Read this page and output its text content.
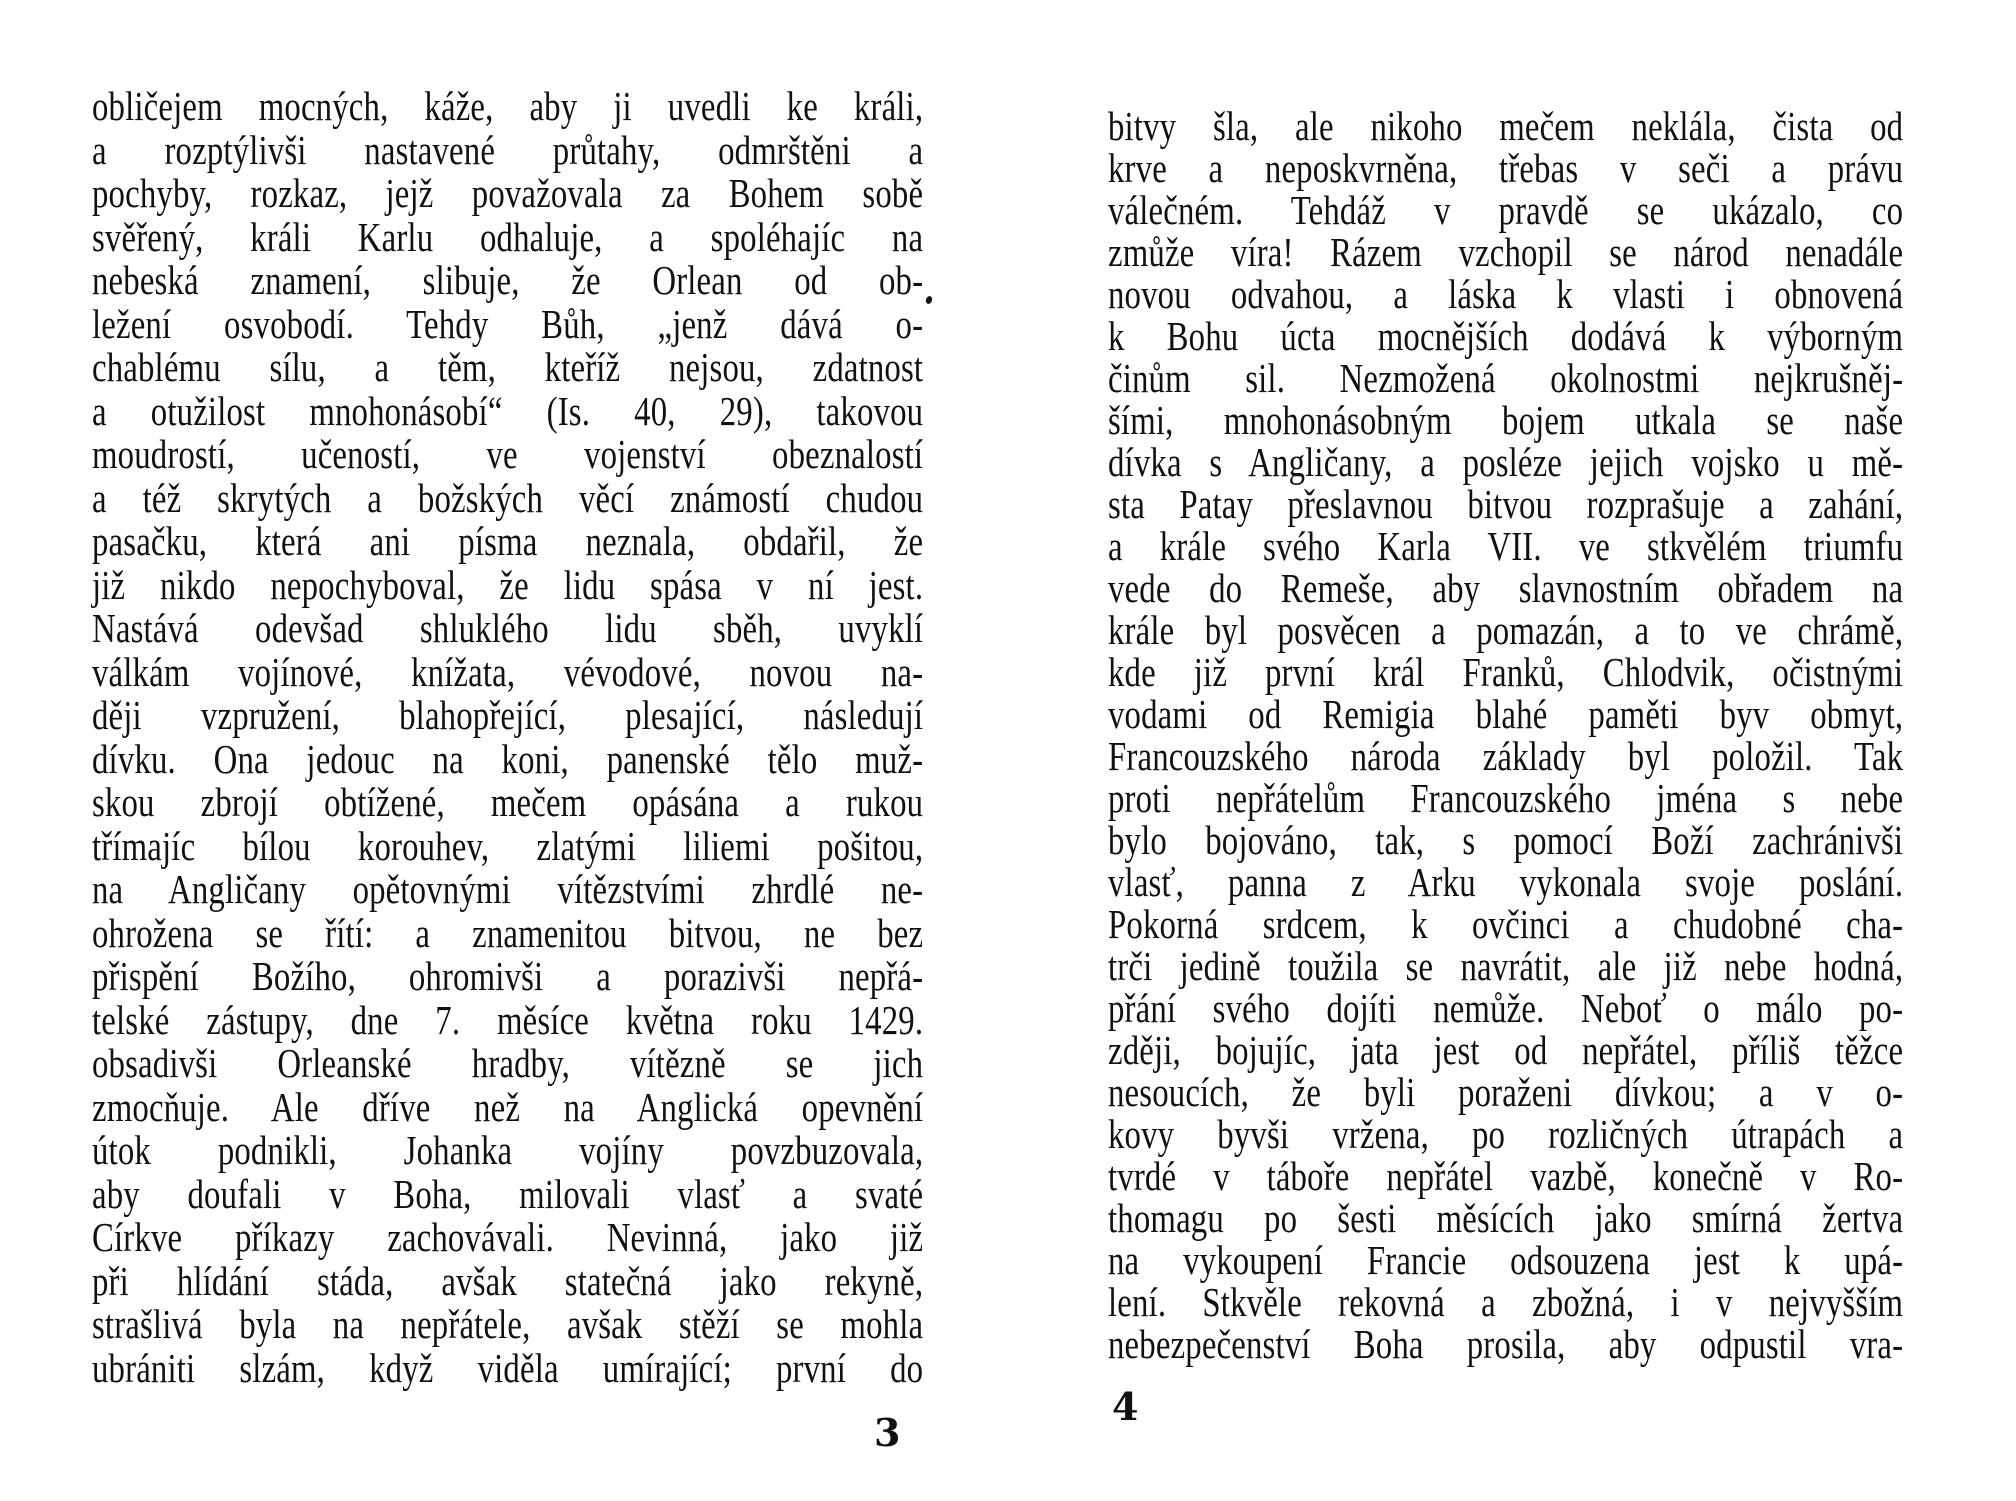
obličejem mocných, káže, aby ji uvedli ke králi,
a rozptýlivši nastavené průtahy, odmrštěni a
pochyby, rozkaz, jejž považovala za Bohem sobě
svěřený, králi Karlu odhaluje, a spoléhajíc na
nebeská znamení, slibuje, že Orlean od ob-
ležení osvobodí. Tehdy Bůh, „jenž dává o-
chablému sílu, a těm, kteříž nejsou, zdatnost
a otužilost mnohonásobí“ (Is. 40, 29), takovou
moudrostí, učeností, ve vojenství obeznalostí
a též skrytých a božských věcí známostí chudou
pasačku, která ani písma neznala, obdařil, že
již nikdo nepochyboval, že lidu spása v ní jest.
Nastává odevšad shluklého lidu sběh, uvyklí
válkám vojínové, knížata, vévodové, novou na-
ději vzpružení, blahopřející, plesající, následují
dívku. Ona jedouc na koni, panenské tělo muž-
skou zbrojí obtížené, mečem opásána a rukou
třímajíc bílou korouhev, zlatými liliemi pošitou,
na Angličany opětovnými vítězstvími zhrdlé ne-
ohrožena se řítí: a znamenitou bitvou, ne bez
přispění Božího, ohromivši a porazivši nepřá-
telské zástupy, dne 7. měsíce května roku 1429.
obsadivši Orleanské hradby, vítězně se jich
zmocňuje. Ale dříve než na Anglická opevnění
útok podnikli, Johanka vojíny povzbuzovala,
aby doufali v Boha, milovali vlasť a svaté
Církve příkazy zachovávali. Nevinná, jako již
při hlídání stáda, avšak statečná jako rekyně,
strašlivá byla na nepřátele, avšak stěží se mohla
ubrániti slzám, když viděla umírající; první do
3
bitvy šla, ale nikoho mečem neklála, čista od
krve a neposkvrněna, třebas v seči a právu
válečném. Tehdáž v pravdě se ukázalo, co
zmůže víra! Rázem vzchopil se národ nenadále
novou odvahou, a láska k vlasti i obnovená
k Bohu úcta mocnějších dodává k výborným
činům sil. Nezmožená okolnostmi nejkrušněj-
šími, mnohonásobným bojem utkala se naše
dívka s Angličany, a posléze jejich vojsko u mě-
sta Patay přeslavnou bitvou rozprašuje a zahání,
a krále svého Karla VII. ve stkvělém triumfu
vede do Remeše, aby slavnostním obřadem na
krále byl posvěcen a pomazán, a to ve chrámě,
kde již první král Franků, Chlodvik, očistnými
vodami od Remigia blahé paměti byv obmyt,
Francouzského národa základy byl položil. Tak
proti nepřátelům Francouzského jména s nebe
bylo bojováno, tak, s pomocí Boží zachránivši
vlasť, panna z Arku vykonala svoje poslání.
Pokorná srdcem, k ovčinci a chudobné cha-
trči jedině toužila se navrátit, ale již nebe hodná,
přání svého dojíti nemůže. Neboť o málo po-
zději, bojujíc, jata jest od nepřátel, příliš těžce
nesoucích, že byli poraženi dívkou; a v o-
kovy byvši vržena, po rozličných útrapách a
tvrdé v táboře nepřátel vazbě, konečně v Ro-
thomagu po šesti měsících jako smírná žertva
na vykoupení Francie odsouzena jest k upá-
lení. Stkvěle rekovná a zbožná, i v nejvyšším
nebezpečenství Boha prosila, aby odpustil vra-
4
